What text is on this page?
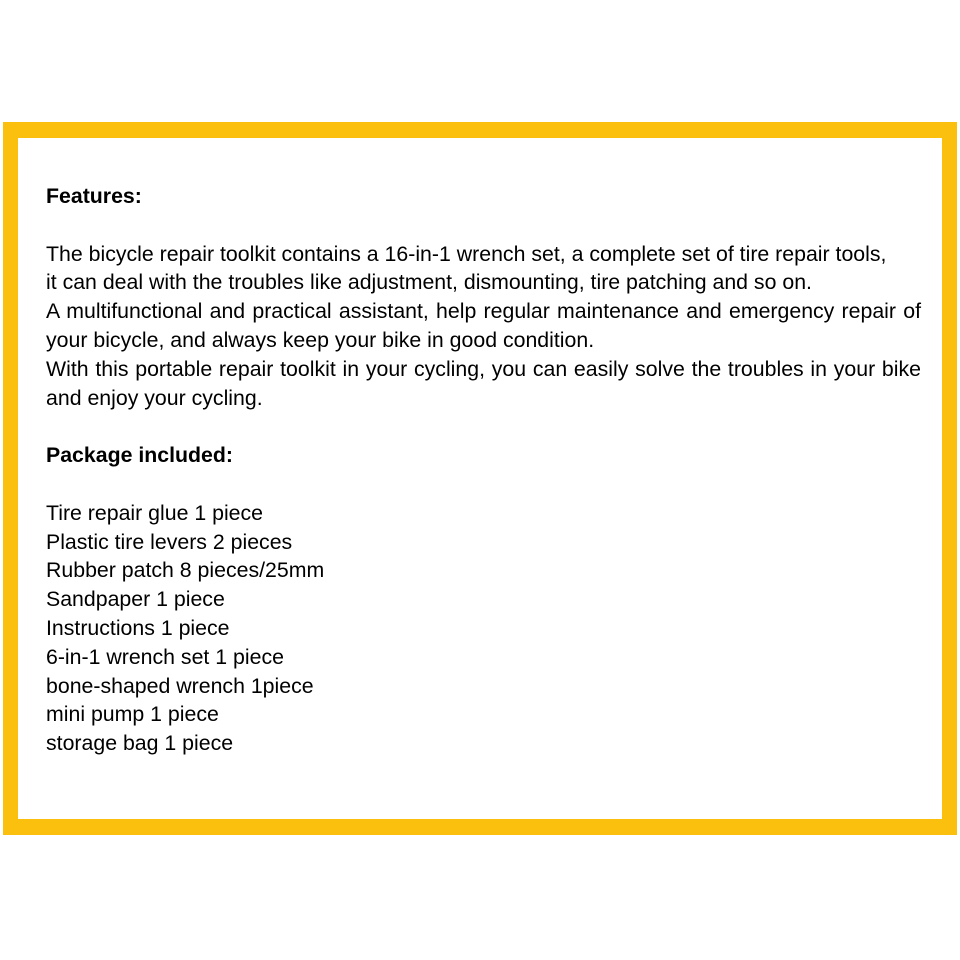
Features:

The bicycle repair toolkit contains a 16-in-1 wrench set, a complete set of tire repair tools,

it can deal with the troubles like adjustment, dismounting, tire patching and so on.

A multifunctional and practical assistant, help regular maintenance and emergency repair of your bicycle, and always keep your bike in good condition.

With this portable repair toolkit in your cycling, you can easily solve the troubles in your bike and enjoy your cycling.

Package included:

Tire repair glue 1 piece
Plastic tire levers 2 pieces
Rubber patch 8 pieces/25mm
Sandpaper 1 piece
Instructions 1 piece
6-in-1 wrench set 1 piece
bone-shaped wrench 1piece
mini pump 1 piece
storage bag 1 piece
